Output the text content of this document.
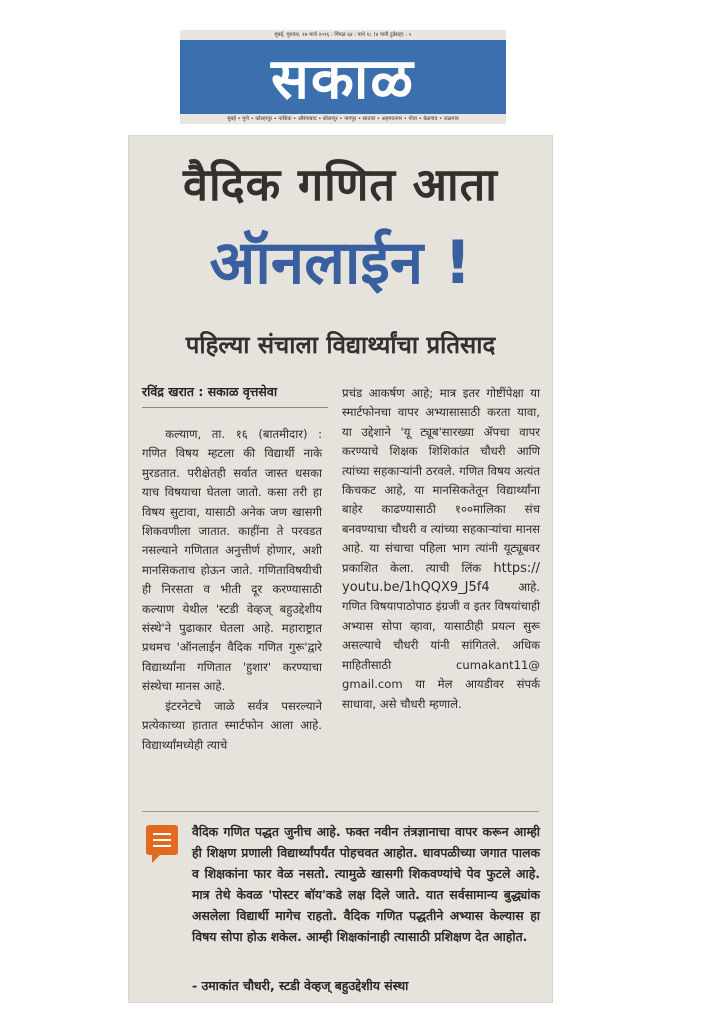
मुंबई, गुरुवार, १७ मार्च २०१६ : पिंपळ ६४ : पाने १८ (४ पानी टुडेसह) : ५
सकाळ
मुंबई • पुणे • कोल्हापूर • नाशिक • औरंगाबाद • सोलापूर • नागपूर • सातारा • अहमदनगर • गोवा • बेळगाव • जळगाव
वैदिक गणित आता
ऑनलाईन !
पहिल्या संचाला विद्यार्थ्यांचा प्रतिसाद
रविंद्र खरात : सकाळ वृत्तसेवा

कल्याण, ता. १६ (बातमीदार) : गणित विषय म्हटला की विद्यार्थी नाके मुरडतात. परीक्षेतही सर्वात जास्त धसका याच विषयाचा घेतला जातो. कसा तरी हा विषय सुटावा, यासाठी अनेक जण खासगी शिकवणीला जातात. काहींना ते परवडत नसल्याने गणितात अनुत्तीर्ण होणार, अशी मानसिकताच होऊन जाते. गणिताविषयीची ही निरसता व भीती दूर करण्यासाठी कल्याण येथील 'स्टडी वेव्हज् बहुउद्देशीय संस्थे'ने पुढाकार घेतला आहे. महाराष्ट्रात प्रथमच 'ऑनलाईन वैदिक गणित गुरू'द्वारे विद्यार्थ्यांना गणितात 'हुशार' करण्याचा संस्थेचा मानस आहे.

इंटरनेटचे जाळे सर्वत्र पसरल्याने प्रत्येकाच्या हातात स्मार्टफोन आला आहे. विद्यार्थ्यांमध्येही त्याचे

प्रचंड आकर्षण आहे; मात्र इतर गोष्टींपेक्षा या स्मार्टफोनचा वापर अभ्यासासाठी करता यावा, या उद्देशाने 'यू ट्यूब'सारख्या ॲपचा वापर करण्याचे शिक्षक शिशिकांत चौधरी आणि त्यांच्या सहकाऱ्यांनी ठरवले. गणित विषय अत्यंत किचकट आहे, या मानसिकतेतून विद्यार्थ्यांना बाहेर काढण्यासाठी १००मालिका संच बनवण्याचा चौधरी व त्यांच्या सहकाऱ्यांचा मानस आहे. या संचाचा पहिला भाग त्यांनी यूट्यूबवर प्रकाशित केला. त्याची लिंक https:// youtu.be/1hQQX9_J5f4 आहे. गणित विषयापाठोपाठ इंग्रजी व इतर विषयांचाही अभ्यास सोपा व्हावा, यासाठीही प्रयत्न सुरू असल्याचे चौधरी यांनी सांगितले. अधिक माहितीसाठी	cumakant11@ gmail.com या मेल आयडीवर संपर्क साधावा, असे चौधरी म्हणाले.

वैदिक गणित पद्धत जुनीच आहे. फक्त नवीन तंत्रज्ञानाचा वापर करून आम्ही ही शिक्षण प्रणाली विद्यार्थ्यांपर्यंत पोहचवत आहोत. धावपळीच्या जगात पालक व शिक्षकांना फार वेळ नसतो. त्यामुळे खासगी शिकवण्यांचे पेव फुटले आहे. मात्र तेथे केवळ 'पोस्टर बॉय'कडे लक्ष दिले जाते. यात सर्वसामान्य बुद्ध्यांक असलेला विद्यार्थी मागेच राहतो. वैदिक गणित पद्धतीने अभ्यास केल्यास हा विषय सोपा होऊ शकेल. आम्ही शिक्षकांनाही त्यासाठी प्रशिक्षण देत आहोत.
- उमाकांत चौधरी, स्टडी वेव्हज् बहुउद्देशीय संस्था
